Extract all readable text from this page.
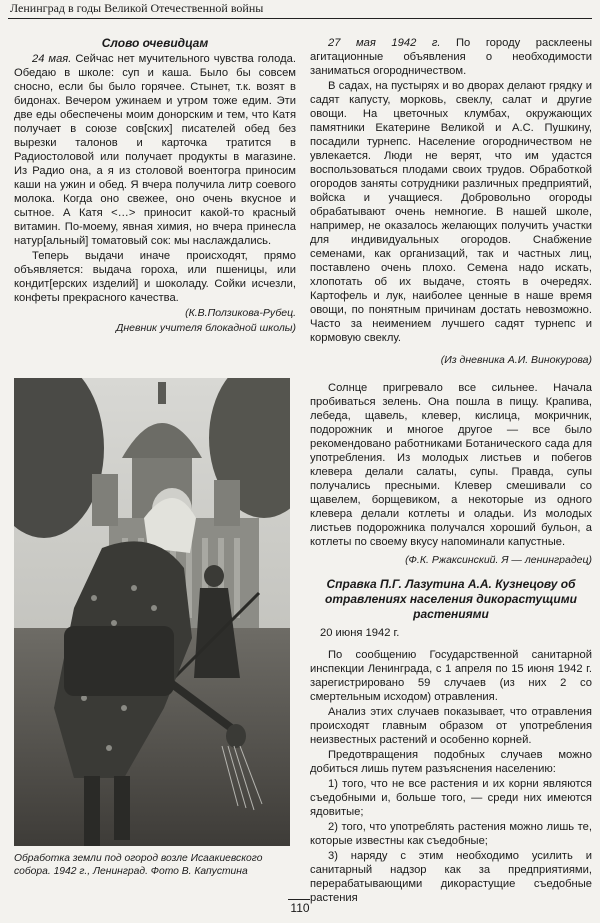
Ленинград в годы Великой Отечественной войны

Слово очевидцам

24 мая. Сейчас нет мучительного чувства голода. Обедаю в школе: суп и каша. Было бы совсем сносно, если бы было горячее. Стынет, т.к. возят в бидонах. Вечером ужинаем и утром тоже едим. Эти две еды обеспечены моим донорским и тем, что Катя получает в союзе сов[ских] писателей обед без вырезки талонов и карточка тратится в Радиостоловой или получает продукты в магазине. Из Радио она, а я из столовой воентогра приносим каши на ужин и обед. Я вчера получила литр соевого молока. Когда оно свежее, оно очень вкусное и сытное. А Катя <…> приносит какой-то красный витамин. По-моему, явная химия, но вчера принесла натур[альный] томатовый сок: мы наслаждались.

Теперь выдачи иначе происходят, прямо объявляется: выдача гороха, или пшеницы, или кондит[ерских изделий] и шоколаду. Сойки исчезли, конфеты прекрасного качества.

(К.В.Ползикова-Рубец.

Дневник учителя блокадной школы)

Обработка земли под огород возле Исаакиевского собора. 1942 г., Ленинград. Фото В. Капустина

27 мая 1942 г. По городу расклеены агитационные объявления о необходимости заниматься огородничеством.

В садах, на пустырях и во дворах делают грядку и садят капусту, морковь, свеклу, салат и другие овощи. На цветочных клумбах, окружающих памятники Екатерине Великой и А.С. Пушкину, посадили турнепс. Население огородничеством не увлекается. Люди не верят, что им удастся воспользоваться плодами своих трудов. Обработкой огородов заняты сотрудники различных предприятий, войска и учащиеся. Добровольно огороды обрабатывают очень немногие. В нашей школе, например, не оказалось желающих получить участки для индивидуальных огородов. Снабжение семенами, как организаций, так и частных лиц, поставлено очень плохо. Семена надо искать, хлопотать об их выдаче, стоять в очередях. Картофель и лук, наиболее ценные в наше время овощи, по понятным причинам достать невозможно. Часто за неимением лучшего садят турнепс и кормовую свеклу.

(Из дневника А.И. Винокурова)

Солнце пригревало все сильнее. Начала пробиваться зелень. Она пошла в пищу. Крапива, лебеда, щавель, клевер, кислица, мокричник, подорожник и многое другое — все было рекомендовано работниками Ботанического сада для употребления. Из молодых листьев и побегов клевера делали салаты, супы. Правда, супы получались пресными. Клевер смешивали со щавелем, борщевиком, а некоторые из одного клевера делали котлеты и оладьи. Из молодых листьев подорожника получался хороший бульон, а котлеты по своему вкусу напоминали капустные.

(Ф.К. Ржаксинский. Я — ленинградец)

Справка П.Г. Лазутина А.А. Кузнецову об отравлениях населения дикорастущими растениями

20 июня 1942 г.

По сообщению Государственной санитарной инспекции Ленинграда, с 1 апреля по 15 июня 1942 г. зарегистрировано 59 случаев (из них 2 со смертельным исходом) отравления.

Анализ этих случаев показывает, что отравления происходят главным образом от употребления неизвестных растений и особенно корней.

Предотвращения подобных случаев можно добиться лишь путем разъяснения населению:

1) того, что не все растения и их корни являются съедобными и, больше того, — среди них имеются ядовитые;

2) того, что употреблять растения можно лишь те, которые известны как съедобные;

3) наряду с этим необходимо усилить и санитарный надзор как за предприятиями, перерабатывающими дикорастущие съедобные растения

110
